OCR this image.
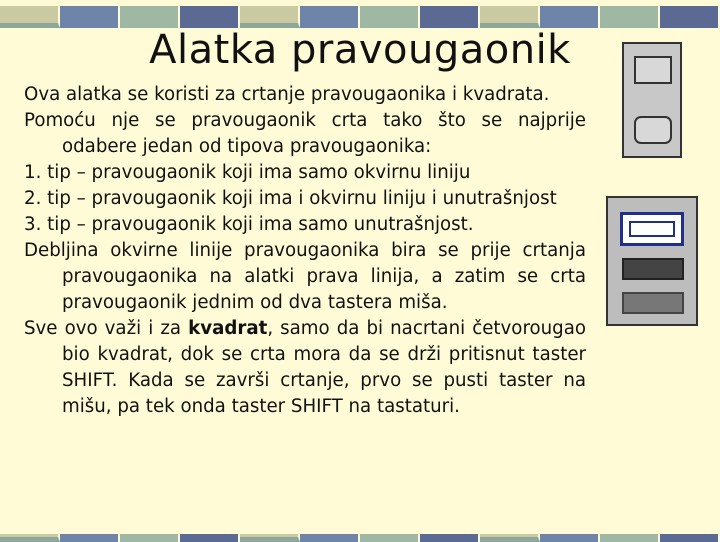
Alatka pravougaonik

Ova alatka se koristi za crtanje pravougaonika i kvadrata.

Pomoću nje se pravougaonik crta tako što se najprije odabere jedan od tipova pravougaonika:

1. tip – pravougaonik koji ima samo okvirnu liniju

2. tip – pravougaonik koji ima i okvirnu liniju i unutrašnjost

3. tip – pravougaonik koji ima samo unutrašnjost.

Debljina okvirne linije pravougaonika bira se prije crtanja pravougaonika na alatki prava linija, a zatim se crta pravougaonik jednim od dva tastera miša.

Sve ovo važi i za kvadrat, samo da bi nacrtani četvorougao bio kvadrat, dok se crta mora da se drži pritisnut taster SHIFT. Kada se završi crtanje, prvo se pusti taster na mišu, pa tek onda taster SHIFT na tastaturi.
